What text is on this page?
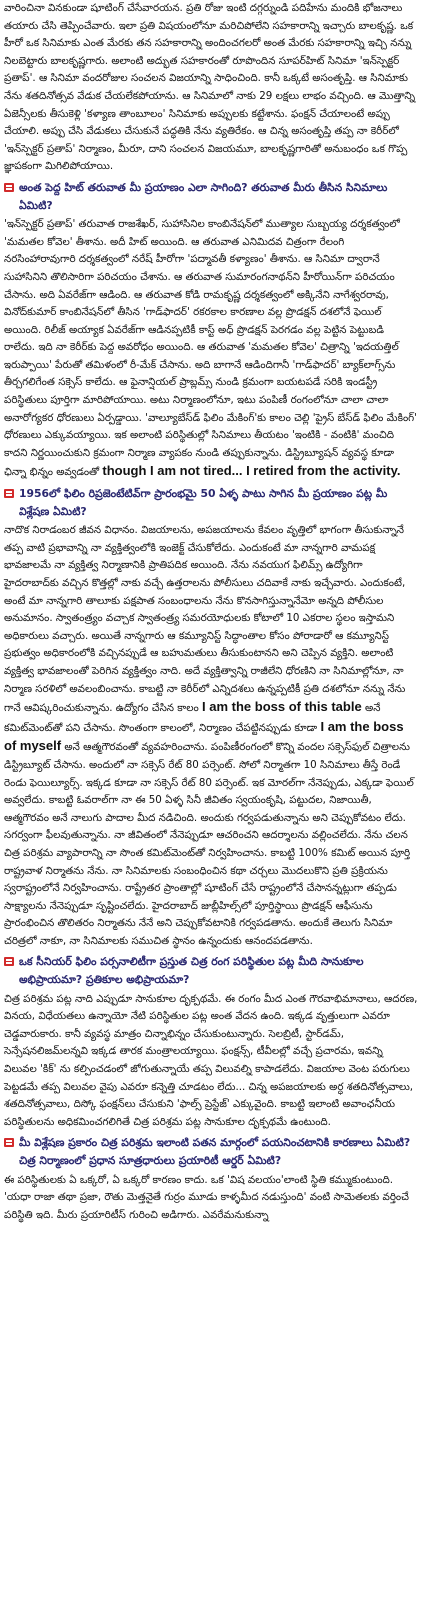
వారించినా వినకుండా షూటింగ్ చేసేవారయన. ప్రతి రోజు ఇంటి దగ్గర్నుండి పదిహేను మందికి భోజనాలు తయారు చేసి తెప్పించేవారు. ఇలా ప్రతి విషయంలోనూ మరిచిపోలేని సహకారాన్ని ఇచ్చారు బాలకృష్ణ. ఒక హీరో ఒక సినిమాకు ఎంత మేరకు తన సహకారాన్ని అందించగలరో అంత మేరకు సహకారాన్ని ఇచ్చి నన్ను నిలబెట్టారు బాలకృష్ణగారు. అలాంటి అద్భుత సహకారంతో రూపొందిన సూపర్‌హిట్ సినిమా 'ఇన్‌స్పెక్టర్ ప్రతాప్'. ఆ సినిమా వందరోజుల సంచలన విజయాన్ని సాధించింది. కానీ ఒక్కటే అసంతృప్తి. ఆ సినిమాకు నేను శతదినోత్సవ వేడుక చేయలేకపోయాను. ఆ సినిమాలో నాకు 29 లక్షలు లాభం వచ్చింది. ఆ మొత్తాన్ని ఏజెన్సీలకు తీసుకెళ్లి 'కళ్యాణ తాంబూలం' సినిమాకు అప్పులకు కట్టేశాను. ఫంక్షన్ చేయాలంటే అప్పు చేయాలి. అప్పు చేసి వేడుకలు చేసుకునే పద్ధతికి నేను వ్యతిరేకం. ఆ చిన్న అసంతృప్తి తప్ప నా కెరీర్‌లో 'ఇన్‌స్పెక్టర్ ప్రతాప్' నిర్మాణం, మీరూ, దాని సంచలన విజయమూ, బాలకృష్ణగారితో అనుబంధం ఒక గొప్ప జ్ఞాపకంగా మిగిలిపోయాయి.

అంత పెద్ద హిట్ తరువాత మీ ప్రయాణం ఎలా సాగింది? తరువాత మీరు తీసిన సినిమాలు ఏమిటి?

'ఇన్‌స్పెక్టర్ ప్రతాప్' తరువాత రాజశేఖర్, సుహాసినిల కాంబినేషన్‌లో ముత్యాల సుబ్బయ్య దర్శకత్వంలో 'మమతల కోవెల' తీశాను. అదీ హిట్ అయింది. ఆ తరువాత ఎనిమిదవ చిత్రంగా రేలంగి నరసింహారావుగారి దర్శకత్వంలో నరేష్ హీరోగా 'పద్మావతీ కళ్యాణం' తీశాను. ఆ సినిమా ద్వారానే సుహాసినిని తొలిసారిగా పరిచయం చేశాను. ఆ తరువాత సుమారంగనాథన్‌ని హీరోయిన్‌గా పరిచయం చేసాను. అది ఏవరేజ్‌గా ఆడింది. ఆ తరువాత కోడి రామకృష్ణ దర్శకత్వంలో అక్కినేని నాగేశ్వరరావు, వినోద్‌కుమార్ కాంబినేషన్‌లో తీసిన 'గాడ్‌ఫాదర్' రకరకాల కారణాల వల్ల ప్రొడక్షన్ దశలోనే ఫెయిల్ అయింది. రిలీజ్ అయ్యాక ఏవరేజ్‌గా ఆడినప్పటికీ కాస్ట్ అధ్ ప్రొడక్షన్ పెరగడం వల్ల పెట్టిన పెట్టుబడి రాలేదు. ఇది నా కెరీర్‌కు పెద్ద అవరోధం అయింది. ఆ తరువాత 'మమతల కోవెల' చిత్రాన్ని 'ఇదయత్తిల్ ఇరుప్పాయి' పేరుతో తమిళంలో రీ-మేక్ చేసాను. అది బాగానే ఆడిందిగానీ 'గాడ్‌ఫాదర్' బ్యాక్‌లాగ్స్‌ను తీర్చగలిగేంత సక్సెస్ కాలేదు. ఆ ఫైనాన్షియల్ ప్రాబ్లమ్స్ నుండి క్రమంగా బయటపడే సరికి ఇండస్ట్రీ పరిస్థితులు పూర్తిగా మారిపోయాయి. అటు నిర్మాణంలోనూ, ఇటు పంపిణీ రంగంలోనూ చాలా చాలా అనారోగ్యకర ధోరణులు ఏర్పడ్డాయి. 'వాల్యూబేస్‌డ్ ఫిలిం మేకింగ్'కు కాలం చెల్లి 'ప్రైస్ బేస్‌డ్ ఫిలిం మేకింగ్' ధోరణులు ఎక్కువయ్యాయి. ఇక అలాంటి పరిస్థితుల్లో సినిమాలు తీయటం 'ఇంటికి - వంటికి' మంచిది కాదని నిర్ణయించుకుని క్రమంగా నిర్మాణ వ్యాపకం నుండి తప్పుకున్నాను. డిస్ట్రిబ్యూషన్ వ్యవస్థ కూడా ఛిన్నా భిన్నం అవ్వడంతో though I am not tired... I retired from the activity.

1956లో ఫిలిం రిప్రజెంటేటివ్‌గా ప్రారంభమై 50 ఏళ్ళ పాటు సాగిన మీ ప్రయాణం పట్ల మీ విశ్లేషణ ఏమిటి?

నాదొక నిరాడంబర జీవన విధానం. విజయాలను, అపజయాలను కేవలం వృత్తిలో భాగంగా తీసుకున్నానే తప్ప వాటి ప్రభావాన్ని నా వ్యక్తిత్వంలోకి ఇంజెక్ట్ చేసుకోలేదు. ఎందుకంటే మా నాన్నగారి వామపక్ష భావజాలమే నా వ్యక్తిత్వ నిర్మాణానికి ప్రాతిపదిక అయింది. నేను నవయుగ ఫిలిమ్స్ ఉద్యోగిగా హైదరాబాద్‌కు వచ్చిన కొత్తల్లో నాకు వచ్చే ఉత్తరాలను పోలీసులు చదివాకే నాకు ఇచ్చేవారు. ఎందుకంటే, అంటే మా నాన్నగారి తాలూకు పక్షపాత సంబంధాలను నేను కొనసాగిస్తున్నానేమో అన్నది పోలీసుల అనుమానం. స్వాతంత్ర్యం వచ్చాక స్వాతంత్ర్య సమరయోధులకు కోటాలో 10 ఎకరాల స్థలం ఇస్తామని అధికారులు వచ్చారు. అయితే నాన్నగారు ఆ కమ్యూనిస్ట్ సిద్ధాంతాల కోసం పోరాడారో ఆ కమ్యూనిస్ట్ ప్రభుత్వం అధికారంలోకి వచ్చినప్పుడే ఆ బహుమతులు తీసుకుంటానని అని చెప్పిన వ్యక్తిని. అలాంటి వ్యక్తిత్వ భావజాలంతో పెరిగిన వ్యక్తిత్వం నాది. అదే వ్యక్తిత్వాన్ని రాజీలేని ధోరణిని నా సినిమాల్లోనూ, నా నిర్మాణ సరళిలో అవలంబించాను. కాబట్టి నా కెరీర్‌లో ఎన్నిదశలు ఉన్నప్పటికీ ప్రతి దశలోనూ నన్ను నేను గానే ఆవిష్కరించుకున్నాను. ఉద్యోగం చేసిన కాలం I am the boss of this table అనే కమిట్‌మెంట్‌తో పని చేసాను. సొంతంగా కాలంలో, నిర్మాణం చేపట్టినప్పుడు కూడా I am the boss of myself అనే ఆత్మగౌరవంతో వ్యవహరించాను. పంపిణీరంగంలో కొన్ని వందల సక్సెస్‌ఫుల్ చిత్రాలను డిస్ట్రిబ్యూట్ చేసాను. అందులో నా సక్సెస్ రేట్ 80 పర్సెంట్. సోలో నిర్మాతగా 10 సినిమాలు తీస్తే రెండే రెండు ఫెయిల్యూర్స్. ఇక్కడ కూడా నా సక్సెస్ రేట్ 80 పర్సెంట్. ఇక మోరల్‌గా నేనెప్పుడు, ఎక్కడా ఫెయిల్ అవ్వలేదు. కాబట్టి ఓవరాల్‌గా నా ఈ 50 ఏళ్ళ సినీ జీవితం స్వయంకృషి, పట్టుదల, నిజాయితీ, ఆత్మగౌరవం అనే నాలుగు పాదాల మీద నడిచింది. అందుకు గర్వపడుతున్నాను అని చెప్పుకోవటం లేదు. సగర్వంగా ఫీలవుతున్నాను. నా జీవితంలో నేనెప్పుడూ ఆచరించని ఆదర్శాలను వల్లించలేదు. నేను చలన చిత్ర పరిశ్రమ వ్యాపారాన్ని నా సొంత కమిట్‌మెంట్‌తో నిర్వహించాను. కాబట్టి 100% కమిట్ అయిన పూర్తి రాష్ట్రవాళ నిర్మాతను నేను. నా సినిమాలకు సంబంధించిన కథా చర్చలు మొదలుకొని ప్రతి ప్రక్రియను స్వరాష్ట్రంలోనే నిర్వహించాను. రాష్ట్రేతర ప్రాంతాల్లో షూటింగ్ చేసే రాష్ట్రంలోనే చేసానన్నట్లుగా తప్పడు సాక్ష్యాలను నేనెప్పుడూ సృష్టించలేదు. హైదరాబాద్ జుబ్లీహిల్స్‌లో పూర్తిస్థాయి ప్రొడక్షన్ ఆఫీసును ప్రారంభించిన తొలితరం నిర్మాతను నేనే అని చెప్పుకోవటానికి గర్వపడతాను. అందుకే తెలుగు సినిమా చరిత్రలో నాకూ, నా సినిమాలకు సముచిత స్థానం ఉన్నందుకు ఆనందపడతాను.

ఒక సీనియర్ ఫిలిం పర్సనాలిటీగా ప్రస్తుత చిత్ర రంగ పరిస్థితుల పట్ల మీది సానుకూల అభిప్రాయమా? ప్రతికూల అభిప్రాయమా?

చిత్ర పరిశ్రమ పట్ల నాది ఎప్పుడూ సానుకూల దృక్పథమే. ఈ రంగం మీద ఎంత గౌరవాభిమానాలు, ఆదరణ, వినయ, విధేయతలు ఉన్నాయో నేటి పరిస్థితుల పట్ల అంత వేదన ఉంది. ఇక్కడ వృత్తులుగా ఎవరూ చెడ్డవారుకారు. కానీ వ్యవస్థ మాత్రం చిన్నాభిన్నం చేసుకుంటున్నారు. సెలబ్రిటీ, స్టార్‌డమ్, సెన్సేషనలిజమ్‌లన్నవి ఇక్కడ తారక మంత్రాలయ్యాయి. ఫంక్షన్స్, టీవీలల్లో వచ్చే ప్రచారమ, ఇవన్ని విలువల 'కిక్' ను కల్పించడంలో జోగుతున్నాయే తప్ప విలువల్ని కాపాడలేదు. విజయాల వెంట పరుగులు పెట్టడమే తప్ప విలువల వైపు ఎవరూ కన్నెత్తి చూడటం లేదు... చిన్న అపజయాలకు అర్ధ శతదినోత్సవాలు, శతదినోత్సవాలు, దిస్కో ఫంక్షన్‌లు చేసుకుని 'ఫాల్స్ ప్రెస్టేజ్' ఎక్కువైంది. కాబట్టి ఇలాంటి అవాంఛనీయ పరిస్థితులను అధికమించగలిగితే చిత్ర పరిశ్రమ పట్ల సానుకూల దృక్పథమే ఉంటుంది.

మీ విశ్లేషణ ప్రకారం చిత్ర పరిశ్రమ ఇలాంటి పతన మార్గంలో పయనించటానికి కారణాలు ఏమిటి? చిత్ర నిర్మాణంలో ప్రధాన సూత్రధారులు ప్రయారిటీ ఆర్డర్ ఏమిటి?

ఈ పరిస్థితులకు ఏ ఒక్కరో, ఏ ఒక్కరో కారణం కాదు. ఒక 'విష వలయం'లాంటి స్థితి కమ్ముకుంటుంది. 'యధా రాజా తథా ప్రజా, రౌతు మెత్తనైతే గుర్రం మూడు కాళ్ళమీద నడుస్తుంది' వంటి సామెతలకు వర్తించే పరిస్థితి ఇది. మీరు ప్రయారిటీస్ గురించి అడిగారు. ఎవరేమనుకున్నా
